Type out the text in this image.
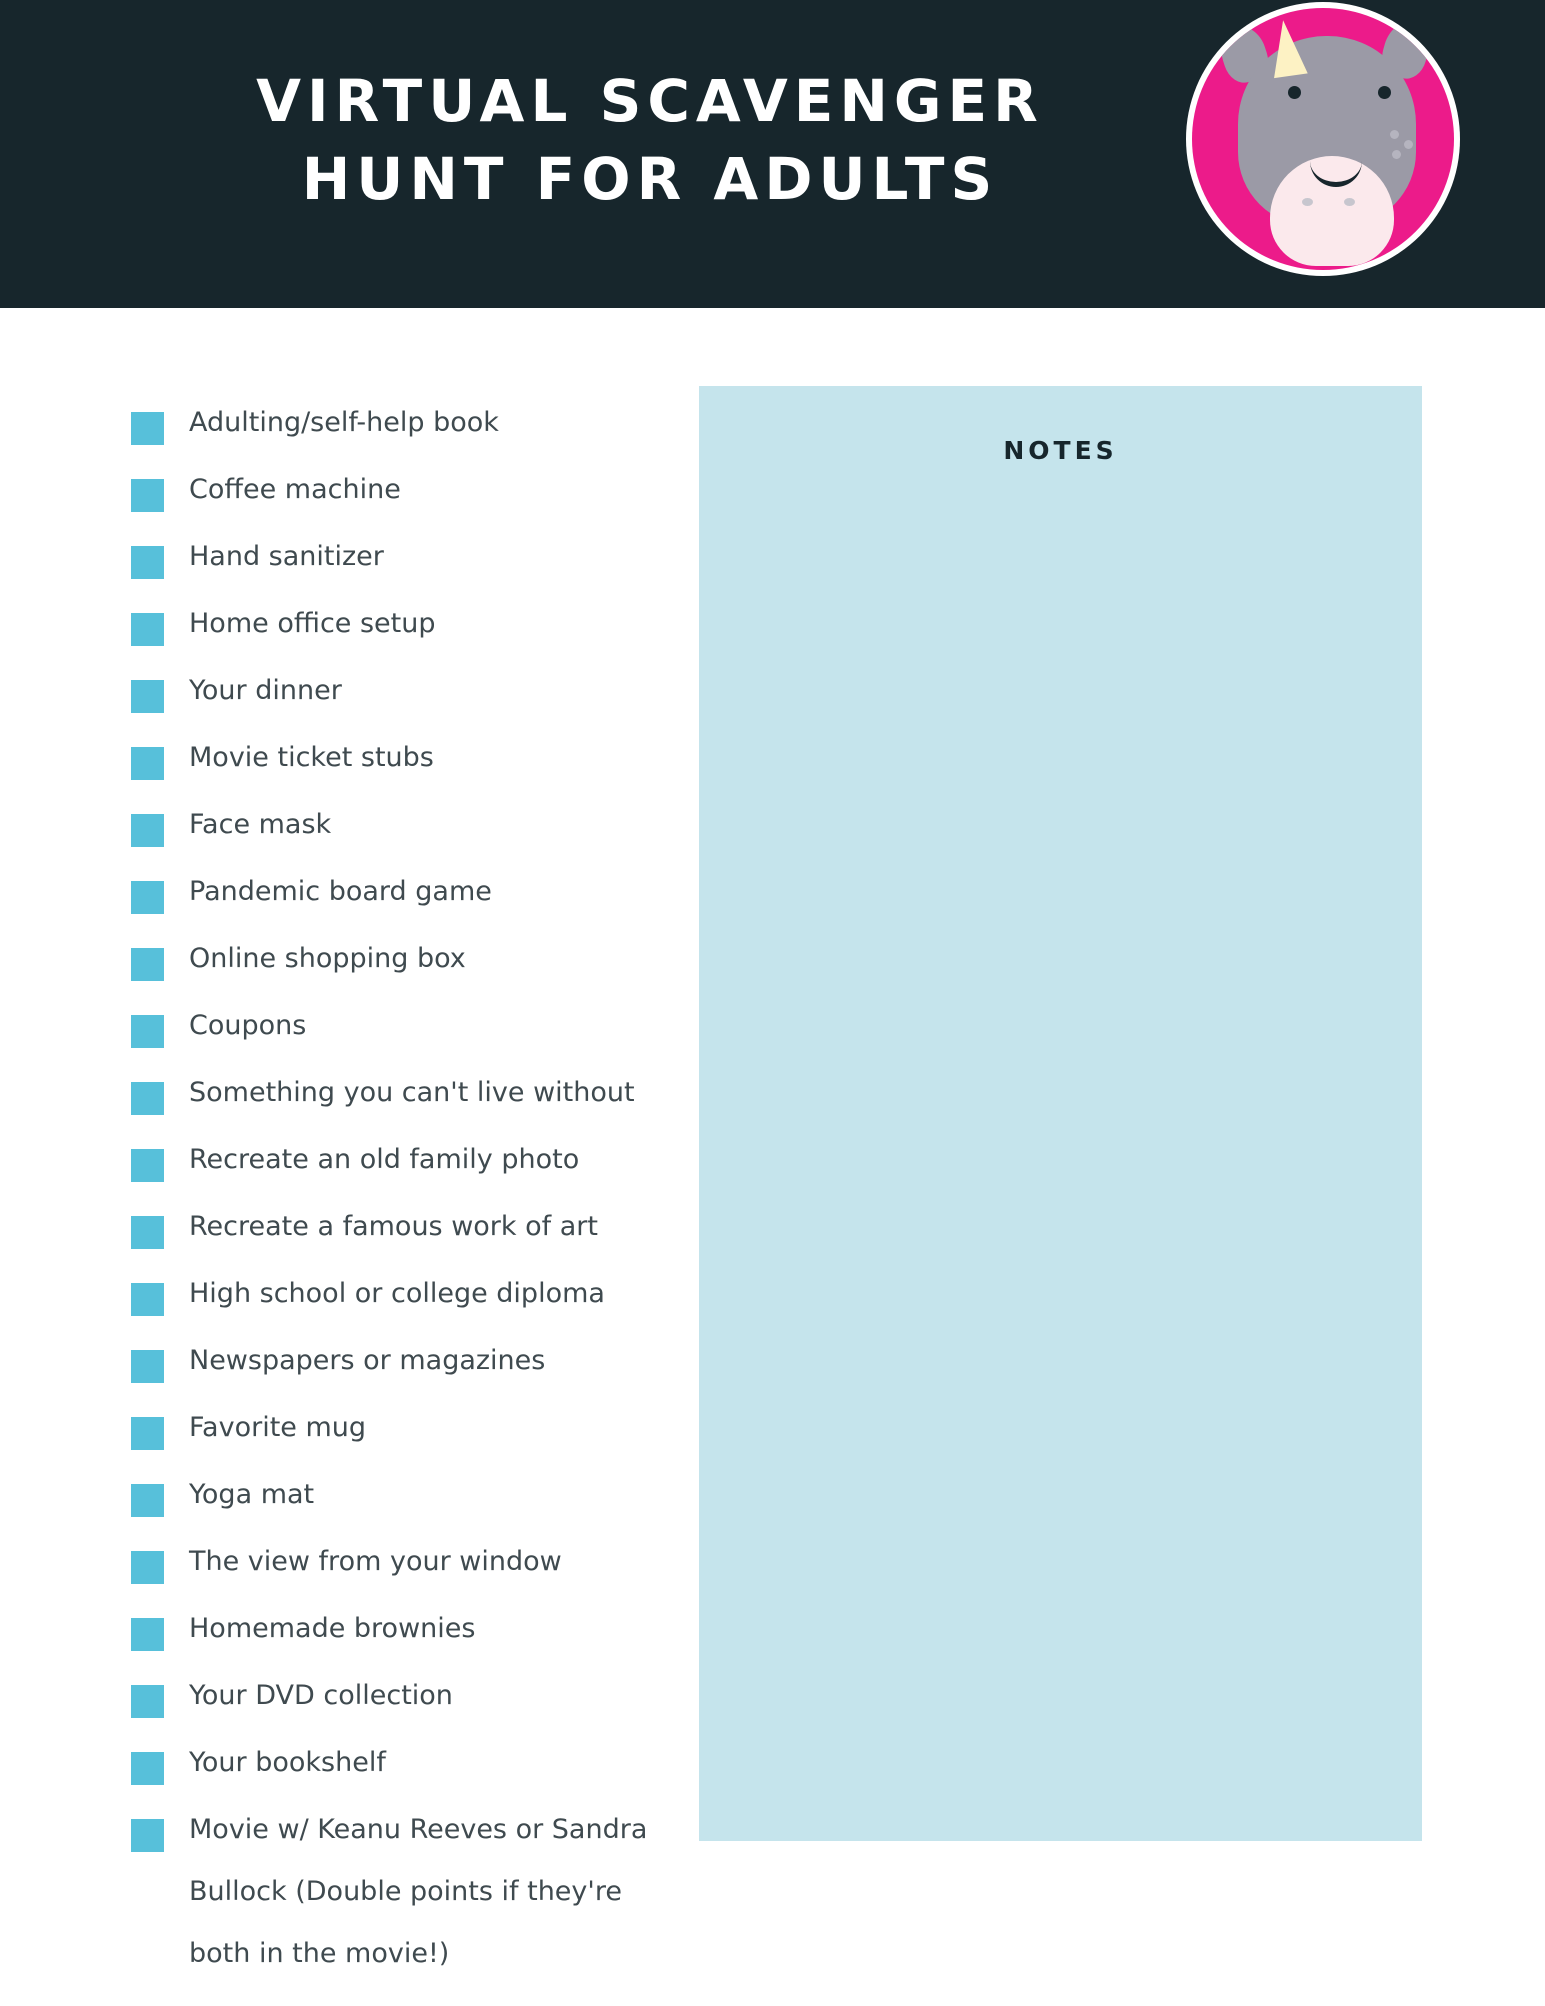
VIRTUAL SCAVENGER HUNT FOR ADULTS
Adulting/self-help book
Coffee machine
Hand sanitizer
Home office setup
Your dinner
Movie ticket stubs
Face mask
Pandemic board game
Online shopping box
Coupons
Something you can't live without
Recreate an old family photo
Recreate a famous work of art
High school or college diploma
Newspapers or magazines
Favorite mug
Yoga mat
The view from your window
Homemade brownies
Your DVD collection
Your bookshelf
Movie w/ Keanu Reeves or Sandra Bullock (Double points if they're both in the movie!)
NOTES
